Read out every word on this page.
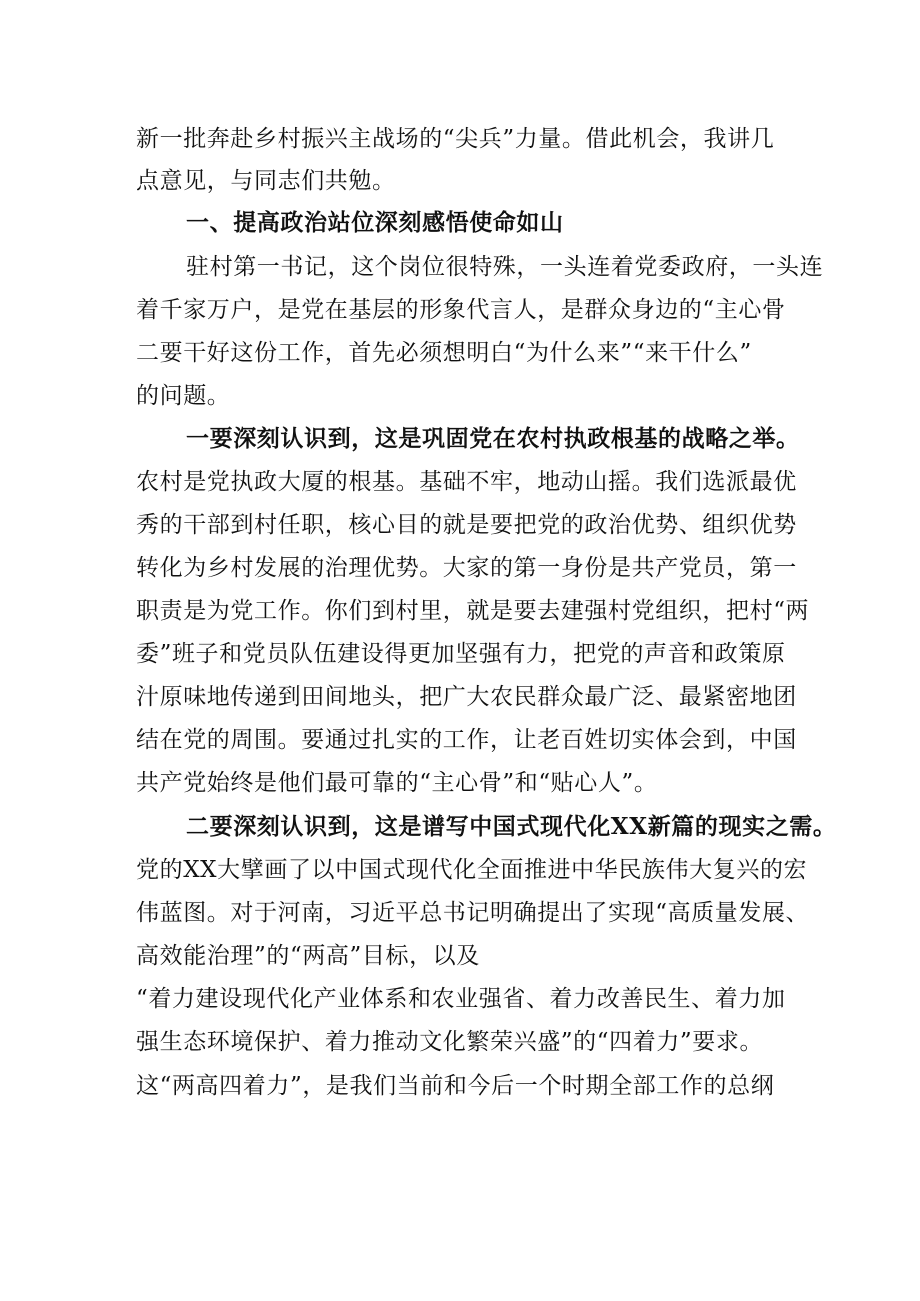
新一批奔赴乡村振兴主战场的“尖兵”力量。借此机会，我讲几
点意见，与同志们共勉。
一、提高政治站位深刻感悟使命如山
驻村第一书记，这个岗位很特殊，一头连着党委政府，一头连
着千家万户，是党在基层的形象代言人，是群众身边的“主心骨
二要干好这份工作，首先必须想明白“为什么来”“来干什么”
的问题。
一要深刻认识到，这是巩固党在农村执政根基的战略之举。
农村是党执政大厦的根基。基础不牢，地动山摇。我们选派最优
秀的干部到村任职，核心目的就是要把党的政治优势、组织优势
转化为乡村发展的治理优势。大家的第一身份是共产党员，第一
职责是为党工作。你们到村里，就是要去建强村党组织，把村“两
委”班子和党员队伍建设得更加坚强有力，把党的声音和政策原
汁原味地传递到田间地头，把广大农民群众最广泛、最紧密地团
结在党的周围。要通过扎实的工作，让老百姓切实体会到，中国
共产党始终是他们最可靠的“主心骨”和“贴心人”。
二要深刻认识到，这是谱写中国式现代化XX新篇的现实之需。
党的XX大擘画了以中国式现代化全面推进中华民族伟大复兴的宏
伟蓝图。对于河南，习近平总书记明确提出了实现“高质量发展、
高效能治理”的“两高”目标，以及
“着力建设现代化产业体系和农业强省、着力改善民生、着力加
强生态环境保护、着力推动文化繁荣兴盛”的“四着力”要求。
这“两高四着力”，是我们当前和今后一个时期全部工作的总纲
